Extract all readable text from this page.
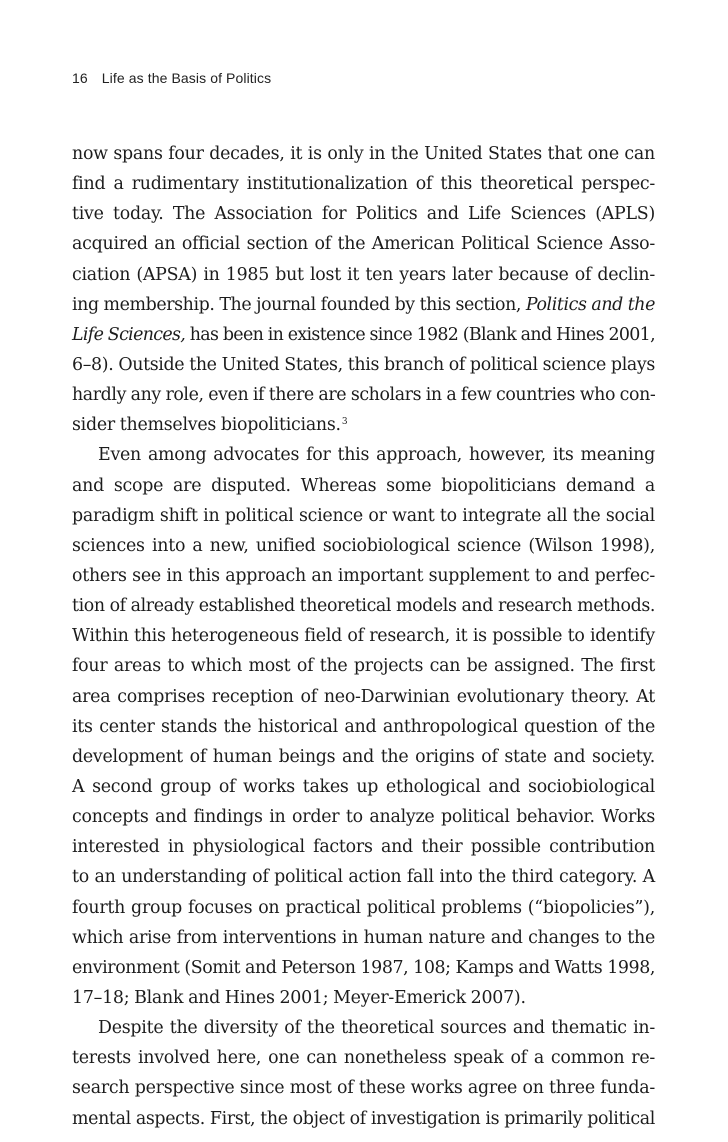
16 Life as the Basis of Politics
now spans four decades, it is only in the United States that one can
find a rudimentary institutionalization of this theoretical perspec-
tive today. The Association for Politics and Life Sciences (APLS)
acquired an official section of the American Political Science Asso-
ciation (APSA) in 1985 but lost it ten years later because of declin-
ing membership. The journal founded by this section, Politics and the
Life Sciences, has been in existence since 1982 (Blank and Hines 2001,
6–8). Outside the United States, this branch of political science plays
hardly any role, even if there are scholars in a few countries who con-
sider themselves biopoliticians.$^3$
Even among advocates for this approach, however, its meaning
and scope are disputed. Whereas some biopoliticians demand a
paradigm shift in political science or want to integrate all the social
sciences into a new, unified sociobiological science (Wilson 1998),
others see in this approach an important supplement to and perfec-
tion of already established theoretical models and research methods.
Within this heterogeneous field of research, it is possible to identify
four areas to which most of the projects can be assigned. The first
area comprises reception of neo-Darwinian evolutionary theory. At
its center stands the historical and anthropological question of the
development of human beings and the origins of state and society.
A second group of works takes up ethological and sociobiological
concepts and findings in order to analyze political behavior. Works
interested in physiological factors and their possible contribution
to an understanding of political action fall into the third category. A
fourth group focuses on practical political problems (“biopolicies”),
which arise from interventions in human nature and changes to the
environment (Somit and Peterson 1987, 108; Kamps and Watts 1998,
17–18; Blank and Hines 2001; Meyer-Emerick 2007).
Despite the diversity of the theoretical sources and thematic in-
terests involved here, one can nonetheless speak of a common re-
search perspective since most of these works agree on three funda-
mental aspects. First, the object of investigation is primarily political
